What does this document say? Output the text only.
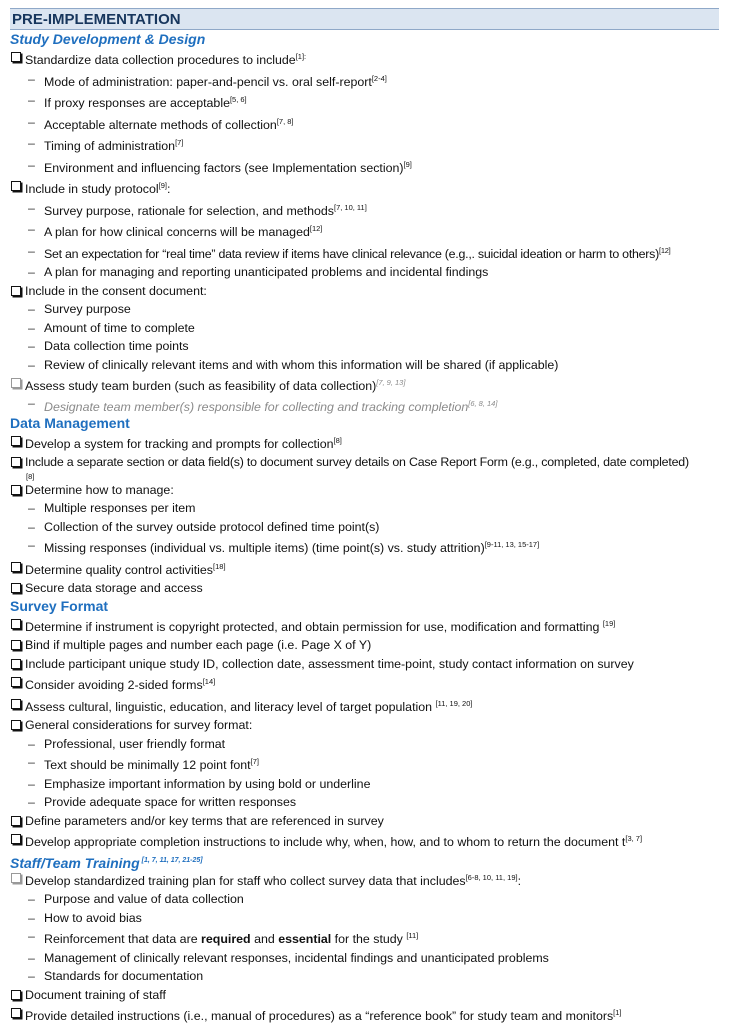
PRE-IMPLEMENTATION
Study Development & Design
Standardize data collection procedures to include$^{[1]:}$
– Mode of administration: paper-and-pencil vs. oral self-report[2-4]
– If proxy responses are acceptable[5, 6]
– Acceptable alternate methods of collection[7, 8]
– Timing of administration[7]
– Environment and influencing factors (see Implementation section)[9]
Include in study protocol[9]:
– Survey purpose, rationale for selection, and methods[7, 10, 11]
– A plan for how clinical concerns will be managed[12]
– Set an expectation for “real time” data review if items have clinical relevance (e.g.,. suicidal ideation or harm to others)[12]
– A plan for managing and reporting unanticipated problems and incidental findings
Include in the consent document:
– Survey purpose
– Amount of time to complete
– Data collection time points
– Review of clinically relevant items and with whom this information will be shared (if applicable)
Assess study team burden (such as feasibility of data collection)[7, 9, 13]
– Designate team member(s) responsible for collecting and tracking completion[6, 8, 14]
Data Management
Develop a system for tracking and prompts for collection[8]
Include a separate section or data field(s) to document survey details on Case Report Form (e.g., completed, date completed)
[8]
Determine how to manage:
– Multiple responses per item
– Collection of the survey outside protocol defined time point(s)
– Missing responses (individual vs. multiple items) (time point(s) vs. study attrition)[9-11, 13, 15-17]
Determine quality control activities[18]
Secure data storage and access
Survey Format
Determine if instrument is copyright protected, and obtain permission for use, modification and formatting [19]
Bind if multiple pages and number each page (i.e. Page X of Y)
Include participant unique study ID, collection date, assessment time-point, study contact information on survey
Consider avoiding 2-sided forms[14]
Assess cultural, linguistic, education, and literacy level of target population [11, 19, 20]
General considerations for survey format:
– Professional, user friendly format
– Text should be minimally 12 point font[7]
– Emphasize important information by using bold or underline
– Provide adequate space for written responses
Define parameters and/or key terms that are referenced in survey
Develop appropriate completion instructions to include why, when, how, and to whom to return the document t[3, 7]
Staff/Team Training [1, 7, 11, 17, 21-25]
Develop standardized training plan for staff who collect survey data that includes[6-8, 10, 11, 19]:
– Purpose and value of data collection
– How to avoid bias
– Reinforcement that data are required and essential for the study [11]
– Management of clinically relevant responses, incidental findings and unanticipated problems
– Standards for documentation
Document training of staff
Provide detailed instructions (i.e., manual of procedures) as a “reference book” for study team and monitors[1]
